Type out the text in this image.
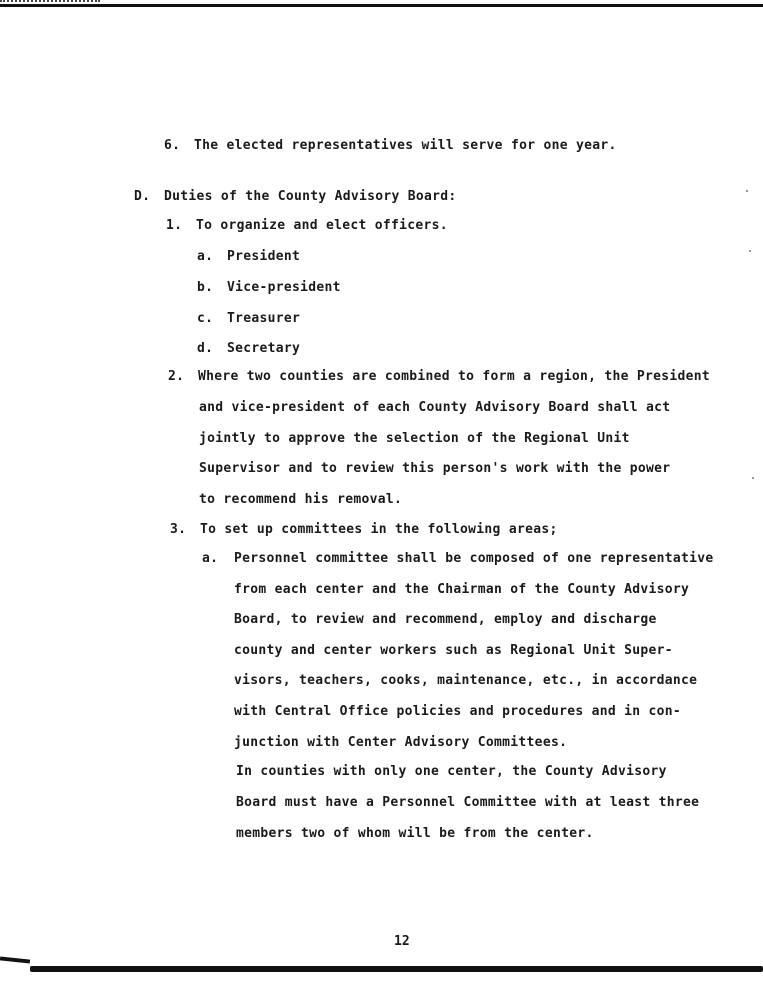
6. The elected representatives will serve for one year.
D. Duties of the County Advisory Board:
1. To organize and elect officers.
a. President
b. Vice-president
c. Treasurer
d. Secretary
2. Where two counties are combined to form a region, the President
and vice-president of each County Advisory Board shall act
jointly to approve the selection of the Regional Unit
Supervisor and to review this person's work with the power
to recommend his removal.
3. To set up committees in the following areas;
a. Personnel committee shall be composed of one representative
from each center and the Chairman of the County Advisory
Board, to review and recommend, employ and discharge
county and center workers such as Regional Unit Super-
visors, teachers, cooks, maintenance, etc., in accordance
with Central Office policies and procedures and in con-
junction with Center Advisory Committees.
In counties with only one center, the County Advisory
Board must have a Personnel Committee with at least three
members two of whom will be from the center.
12
